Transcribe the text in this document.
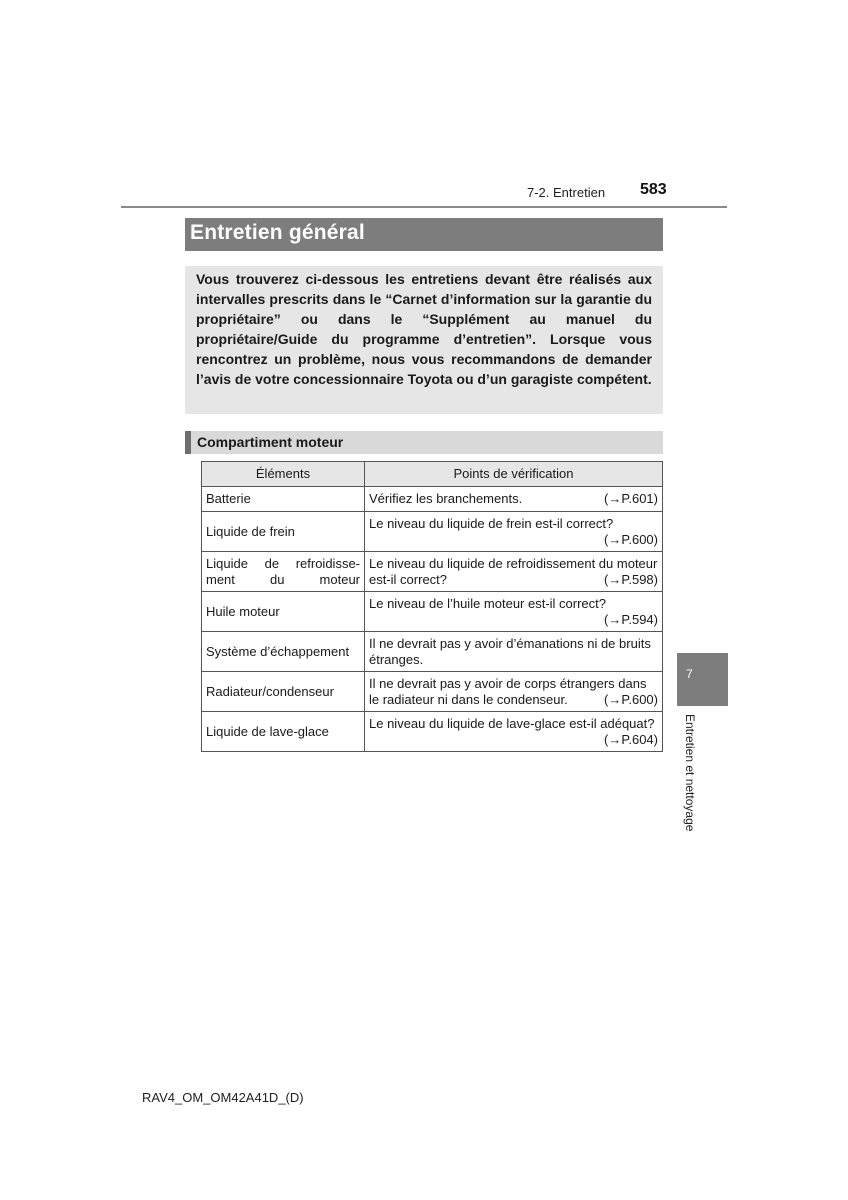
7-2. Entretien 583
Entretien général

Vous trouverez ci-dessous les entretiens devant être réalisés aux intervalles prescrits dans le “Carnet d’information sur la garantie du propriétaire” ou dans le “Supplément au manuel du propriétaire/Guide du programme d’entretien”. Lorsque vous rencontrez un problème, nous vous recommandons de demander l’avis de votre concessionnaire Toyota ou d’un garagiste compétent.

Compartiment moteur
Éléments	Points de vérification
Batterie	Vérifiez les branchements. (→P.601)

Liquide de frein	Le niveau du liquide de frein est-il correct?
(→P.600)

Liquide de refroidisse-ment du moteur	Le niveau du liquide de refroidissement du moteur est-il correct? (→P.598)

Huile moteur	Le niveau de l’huile moteur est-il correct?
(→P.594)

Système d’échappement	Il ne devrait pas y avoir d’émanations ni de bruits étranges.
Radiateur/condenseur	Il ne devrait pas y avoir de corps étrangers dans le radiateur ni dans le condenseur. (→P.600)

Liquide de lave-glace	Le niveau du liquide de lave-glace est-il adéquat?
(→P.604)
7
Entretien et nettoyage
RAV4_OM_OM42A41D_(D)
